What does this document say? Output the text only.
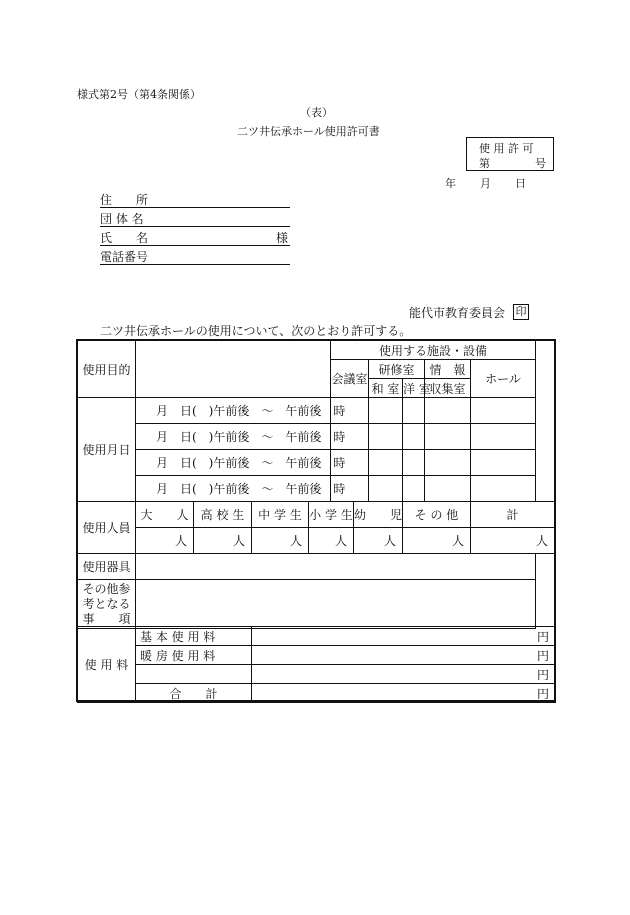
様式第2号（第4条関係）
（表）
二ツ井伝承ホール使用許可書
使 用 許 可
第	号
年 月 日
住　　所
団 体 名
氏　　名	様
電話番号
能代市教育委員会 印
二ツ井伝承ホールの使用について、次のとおり許可する。
使用目的					使用する施設・設備					
					会議室		研修室		情　報	ホール
							和 室	洋 室	収集室	
使用月日	月　日(　)午前後　～　午前後　時									
	月　日(　)午前後　～　午前後　時									
	月　日(　)午前後　～　午前後　時									
	月　日(　)午前後　～　午前後　時									
使用人員	大　　人	高 校 生	中 学 生	小 学 生		幼　　児		そ の 他		計
	人	人	人	人		人		人		人
使用器具										

その他参
考となる
事　　項										

使 用 料	基 本 使 用 料	円
	暖 房 使 用 料	円
		円
	合　　計	円
